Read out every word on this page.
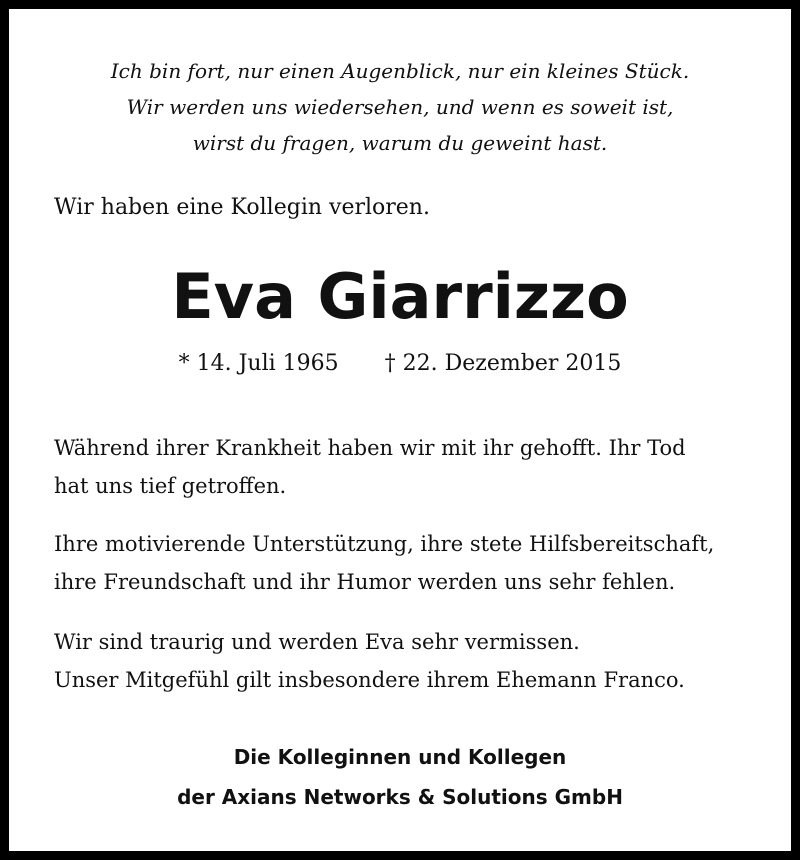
Ich bin fort, nur einen Augenblick, nur ein kleines Stück.
Wir werden uns wiedersehen, und wenn es soweit ist,
wirst du fragen, warum du geweint hast.
Wir haben eine Kollegin verloren.
Eva Giarrizzo
* 14. Juli 1965 † 22. Dezember 2015
Während ihrer Krankheit haben wir mit ihr gehofft. Ihr Tod
hat uns tief getroffen.
Ihre motivierende Unterstützung, ihre stete Hilfsbereitschaft,
ihre Freundschaft und ihr Humor werden uns sehr fehlen.
Wir sind traurig und werden Eva sehr vermissen.
Unser Mitgefühl gilt insbesondere ihrem Ehemann Franco.
Die Kolleginnen und Kollegen
der Axians Networks & Solutions GmbH
